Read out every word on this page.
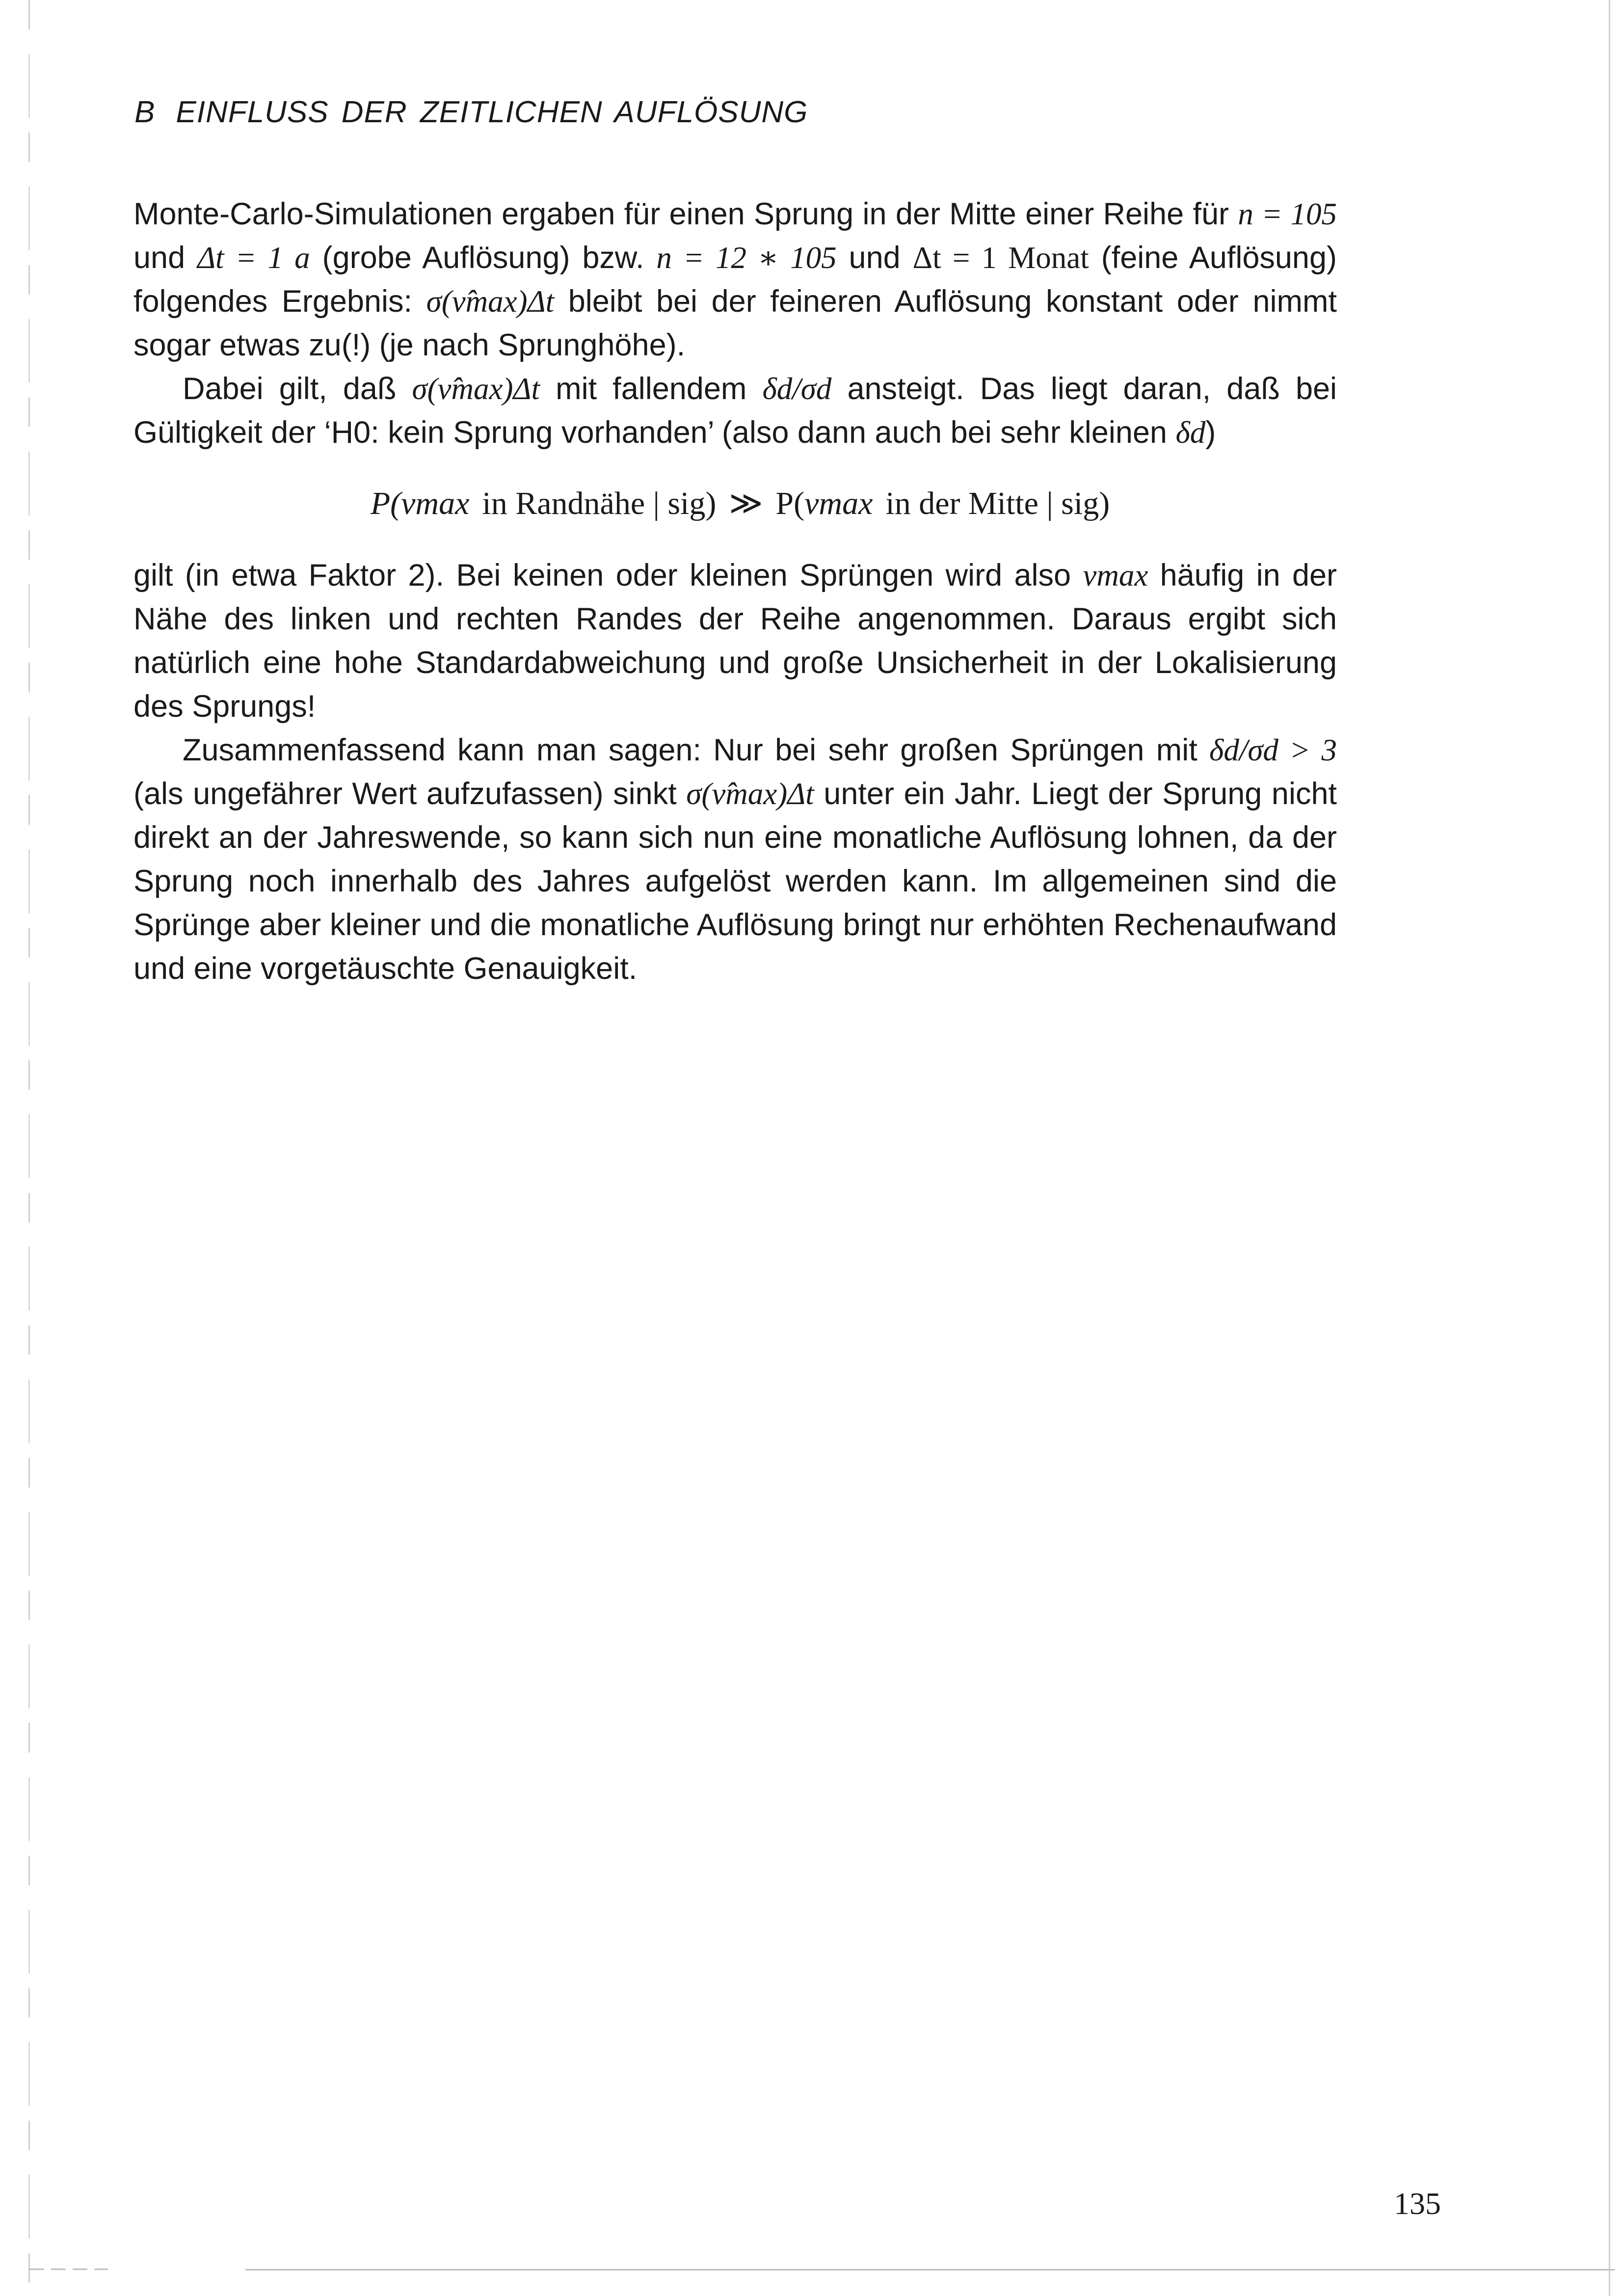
B EINFLUSS DER ZEITLICHEN AUFLÖSUNG

Monte-Carlo-Simulationen ergaben für einen Sprung in der Mitte einer Reihe für n = 105 und Δt = 1 a (grobe Auflösung) bzw. n = 12 ∗ 105 und Δt = 1 Monat (feine Auflösung) folgendes Ergebnis: σ(ν̂max)Δt bleibt bei der feineren Auflösung konstant oder nimmt sogar etwas zu(!) (je nach Sprunghöhe).

Dabei gilt, daß σ(ν̂max)Δt mit fallendem δd/σd ansteigt. Das liegt daran, daß bei Gültigkeit der ‘H0: kein Sprung vorhanden’ (also dann auch bei sehr kleinen δd)

P(νmax in Randnähe | sig) ≫ P(νmax in der Mitte | sig)

gilt (in etwa Faktor 2). Bei keinen oder kleinen Sprüngen wird also νmax häufig in der Nähe des linken und rechten Randes der Reihe angenommen. Daraus ergibt sich natürlich eine hohe Standardabweichung und große Unsicherheit in der Lokalisierung des Sprungs!

Zusammenfassend kann man sagen: Nur bei sehr großen Sprüngen mit δd/σd > 3 (als ungefährer Wert aufzufassen) sinkt σ(ν̂max)Δt unter ein Jahr. Liegt der Sprung nicht direkt an der Jahreswende, so kann sich nun eine monatliche Auflösung lohnen, da der Sprung noch innerhalb des Jahres aufgelöst werden kann. Im allgemeinen sind die Sprünge aber kleiner und die monatliche Auflösung bringt nur erhöhten Rechenaufwand und eine vorgetäuschte Genauigkeit.

135
